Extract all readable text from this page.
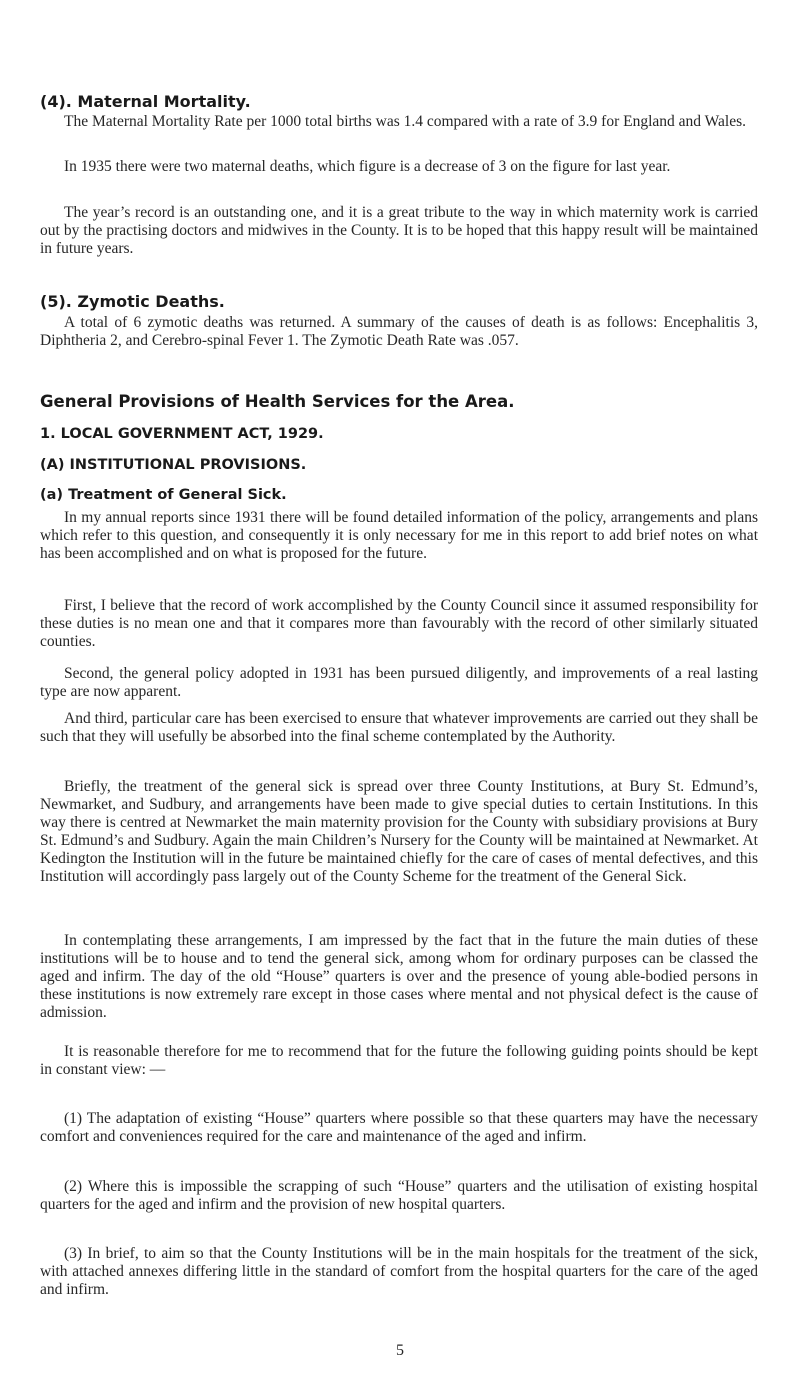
(4). Maternal Mortality.

The Maternal Mortality Rate per 1000 total births was 1.4 compared with a rate of 3.9 for England and Wales.

In 1935 there were two maternal deaths, which figure is a decrease of 3 on the figure for last year.

The year’s record is an outstanding one, and it is a great tribute to the way in which maternity work is carried out by the practising doctors and midwives in the County. It is to be hoped that this happy result will be maintained in future years.

(5). Zymotic Deaths.

A total of 6 zymotic deaths was returned. A summary of the causes of death is as follows: Encephalitis 3, Diphtheria 2, and Cerebro-spinal Fever 1. The Zymotic Death Rate was .057.

General Provisions of Health Services for the Area.
1. LOCAL GOVERNMENT ACT, 1929.
(A) INSTITUTIONAL PROVISIONS.
(a) Treatment of General Sick.

In my annual reports since 1931 there will be found detailed information of the policy, arrangements and plans which refer to this question, and consequently it is only necessary for me in this report to add brief notes on what has been accomplished and on what is proposed for the future.

First, I believe that the record of work accomplished by the County Council since it assumed responsibility for these duties is no mean one and that it compares more than favourably with the record of other similarly situated counties.

Second, the general policy adopted in 1931 has been pursued diligently, and improvements of a real lasting type are now apparent.

And third, particular care has been exercised to ensure that whatever improvements are carried out they shall be such that they will usefully be absorbed into the final scheme contemplated by the Authority.

Briefly, the treatment of the general sick is spread over three County Institutions, at Bury St. Edmund’s, Newmarket, and Sudbury, and arrangements have been made to give special duties to certain Institutions. In this way there is centred at Newmarket the main maternity provision for the County with subsidiary provisions at Bury St. Edmund’s and Sudbury. Again the main Children’s Nursery for the County will be maintained at Newmarket. At Kedington the Institution will in the future be maintained chiefly for the care of cases of mental defectives, and this Institution will accordingly pass largely out of the County Scheme for the treatment of the General Sick.

In contemplating these arrangements, I am impressed by the fact that in the future the main duties of these institutions will be to house and to tend the general sick, among whom for ordinary purposes can be classed the aged and infirm. The day of the old “House” quarters is over and the presence of young able-bodied persons in these institutions is now extremely rare except in those cases where mental and not physical defect is the cause of admission.

It is reasonable therefore for me to recommend that for the future the following guiding points should be kept in constant view: —

(1) The adaptation of existing “House” quarters where possible so that these quarters may have the necessary comfort and conveniences required for the care and maintenance of the aged and infirm.

(2) Where this is impossible the scrapping of such “House” quarters and the utilisation of existing hospital quarters for the aged and infirm and the provision of new hospital quarters.

(3) In brief, to aim so that the County Institutions will be in the main hospitals for the treatment of the sick, with attached annexes differing little in the standard of comfort from the hospital quarters for the care of the aged and infirm.

5
